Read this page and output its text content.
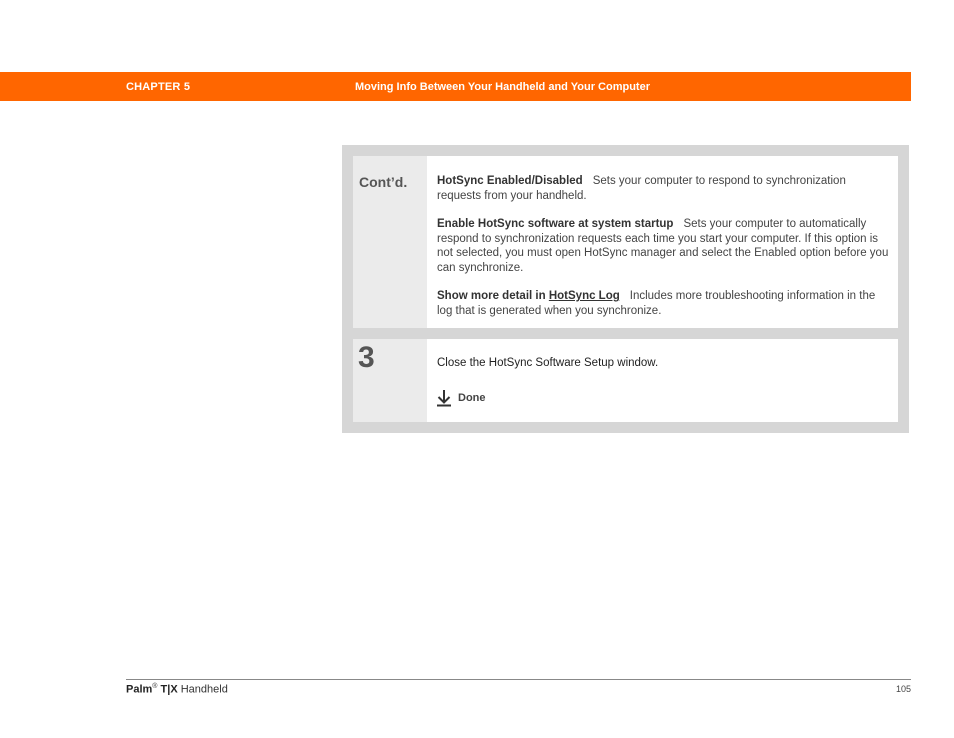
CHAPTER 5	Moving Info Between Your Handheld and Your Computer
Cont’d.	HotSync Enabled/Disabled Sets your computer to respond to synchronization requests from your handheld.
Enable HotSync software at system startup Sets your computer to automatically respond to synchronization requests each time you start your computer. If this option is not selected, you must open HotSync manager and select the Enabled option before you can synchronize.
Show more detail in HotSync Log Includes more troubleshooting information in the log that is generated when you synchronize.
3	Close the HotSync Software Setup window.
Done
Palm® T|X Handheld	105
